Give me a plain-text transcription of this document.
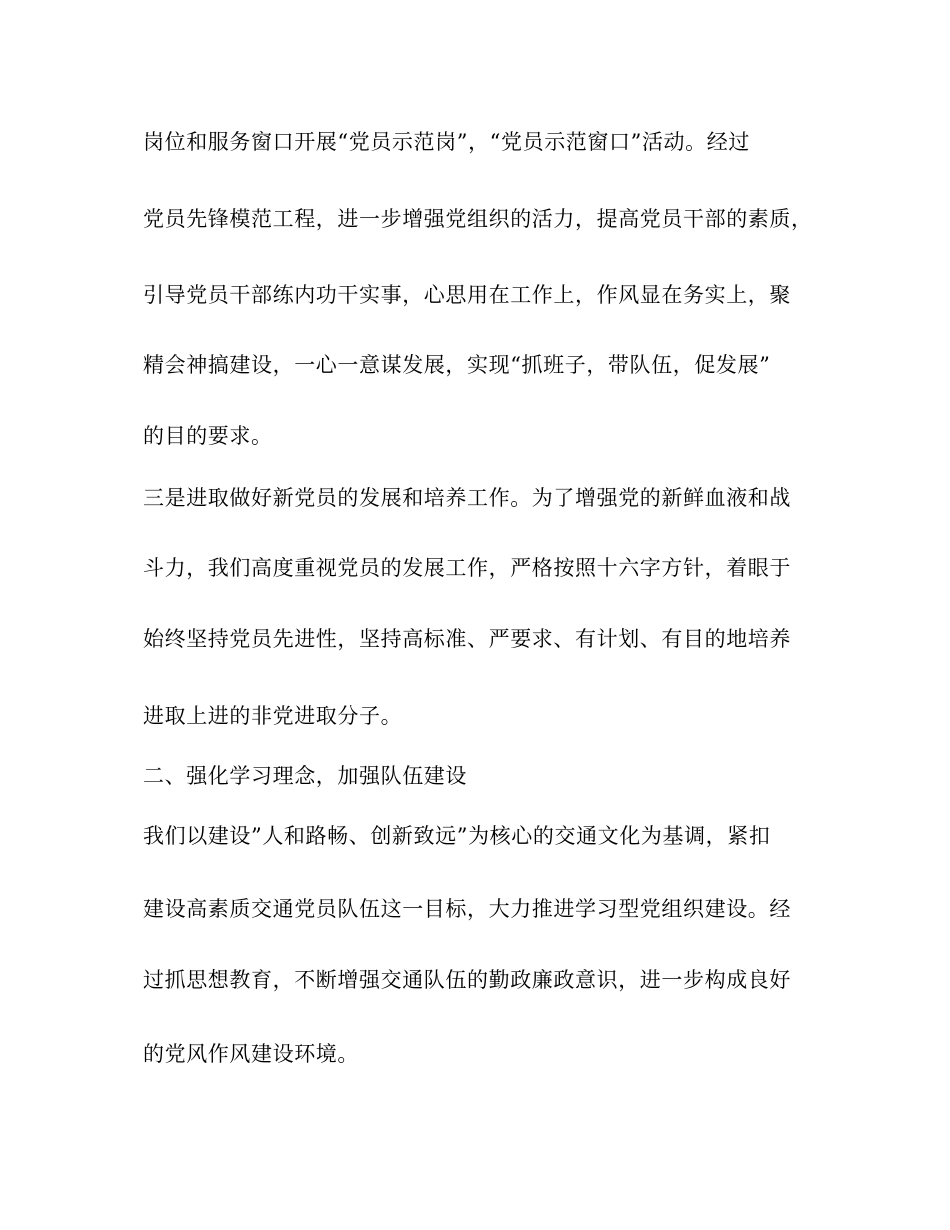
岗位和服务窗口开展“党员示范岗”，“党员示范窗口”活动。经过
党员先锋模范工程，进一步增强党组织的活力，提高党员干部的素质，
引导党员干部练内功干实事，心思用在工作上，作风显在务实上，聚
精会神搞建设，一心一意谋发展，实现“抓班子，带队伍，促发展”
的目的要求。
三是进取做好新党员的发展和培养工作。为了增强党的新鲜血液和战
斗力，我们高度重视党员的发展工作，严格按照十六字方针，着眼于
始终坚持党员先进性，坚持高标准、严要求、有计划、有目的地培养
进取上进的非党进取分子。
二、强化学习理念，加强队伍建设
我们以建设”人和路畅、创新致远”为核心的交通文化为基调，紧扣
建设高素质交通党员队伍这一目标，大力推进学习型党组织建设。经
过抓思想教育，不断增强交通队伍的勤政廉政意识，进一步构成良好
的党风作风建设环境。
